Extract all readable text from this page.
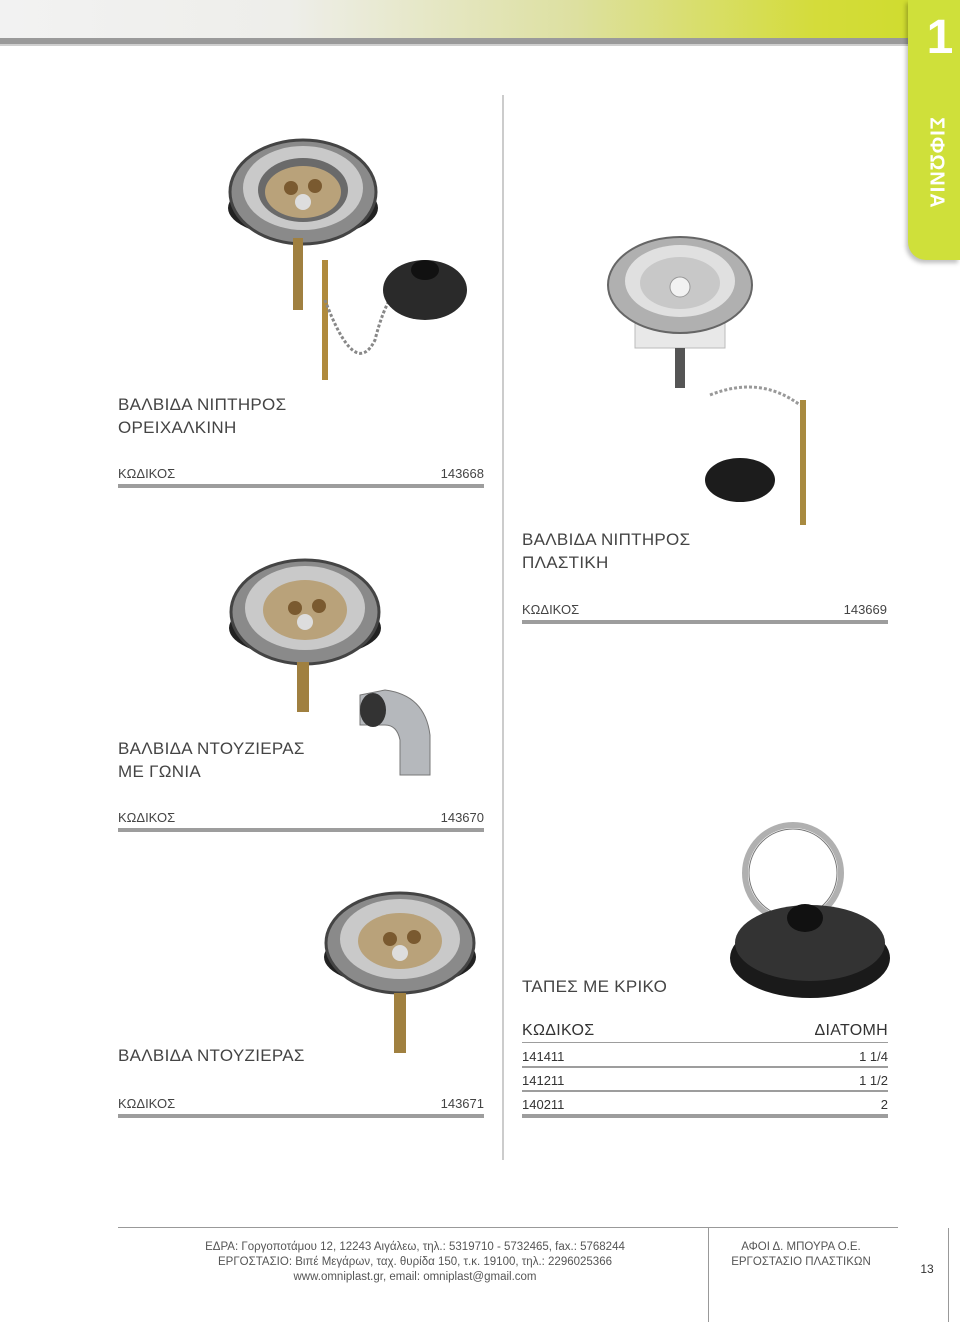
1
ΣΙΦΩΝΙΑ
ΒΑΛΒΙΔΑ ΝΙΠΤΗΡΟΣ
ΟΡΕΙΧΑΛΚΙΝΗ
ΚΩΔΙΚΟΣ	143668
ΒΑΛΒΙΔΑ ΝΙΠΤΗΡΟΣ
ΠΛΑΣΤΙΚΗ
ΚΩΔΙΚΟΣ	143669
ΒΑΛΒΙΔΑ ΝΤΟΥΖΙΕΡΑΣ
ΜΕ ΓΩΝΙΑ
ΚΩΔΙΚΟΣ	143670
ΒΑΛΒΙΔΑ ΝΤΟΥΖΙΕΡΑΣ
ΚΩΔΙΚΟΣ	143671
ΤΑΠΕΣ ΜΕ ΚΡΙΚΟ
ΚΩΔΙΚΟΣ	ΔΙΑΤΟΜΗ
141411	1 1/4
141211	1 1/2
140211	2
ΕΔΡΑ: Γοργοποτάμου 12, 12243 Αιγάλεω, τηλ.: 5319710 - 5732465, fax.: 5768244
ΕΡΓΟΣΤΑΣΙΟ: Βιπέ Μεγάρων, ταχ. θυρίδα 150, τ.κ. 19100, τηλ.: 2296025366
www.omniplast.gr, email: omniplast@gmail.com
ΑΦΟΙ Δ. ΜΠΟΥΡΑ Ο.Ε.
ΕΡΓΟΣΤΑΣΙΟ ΠΛΑΣΤΙΚΩΝ	13
